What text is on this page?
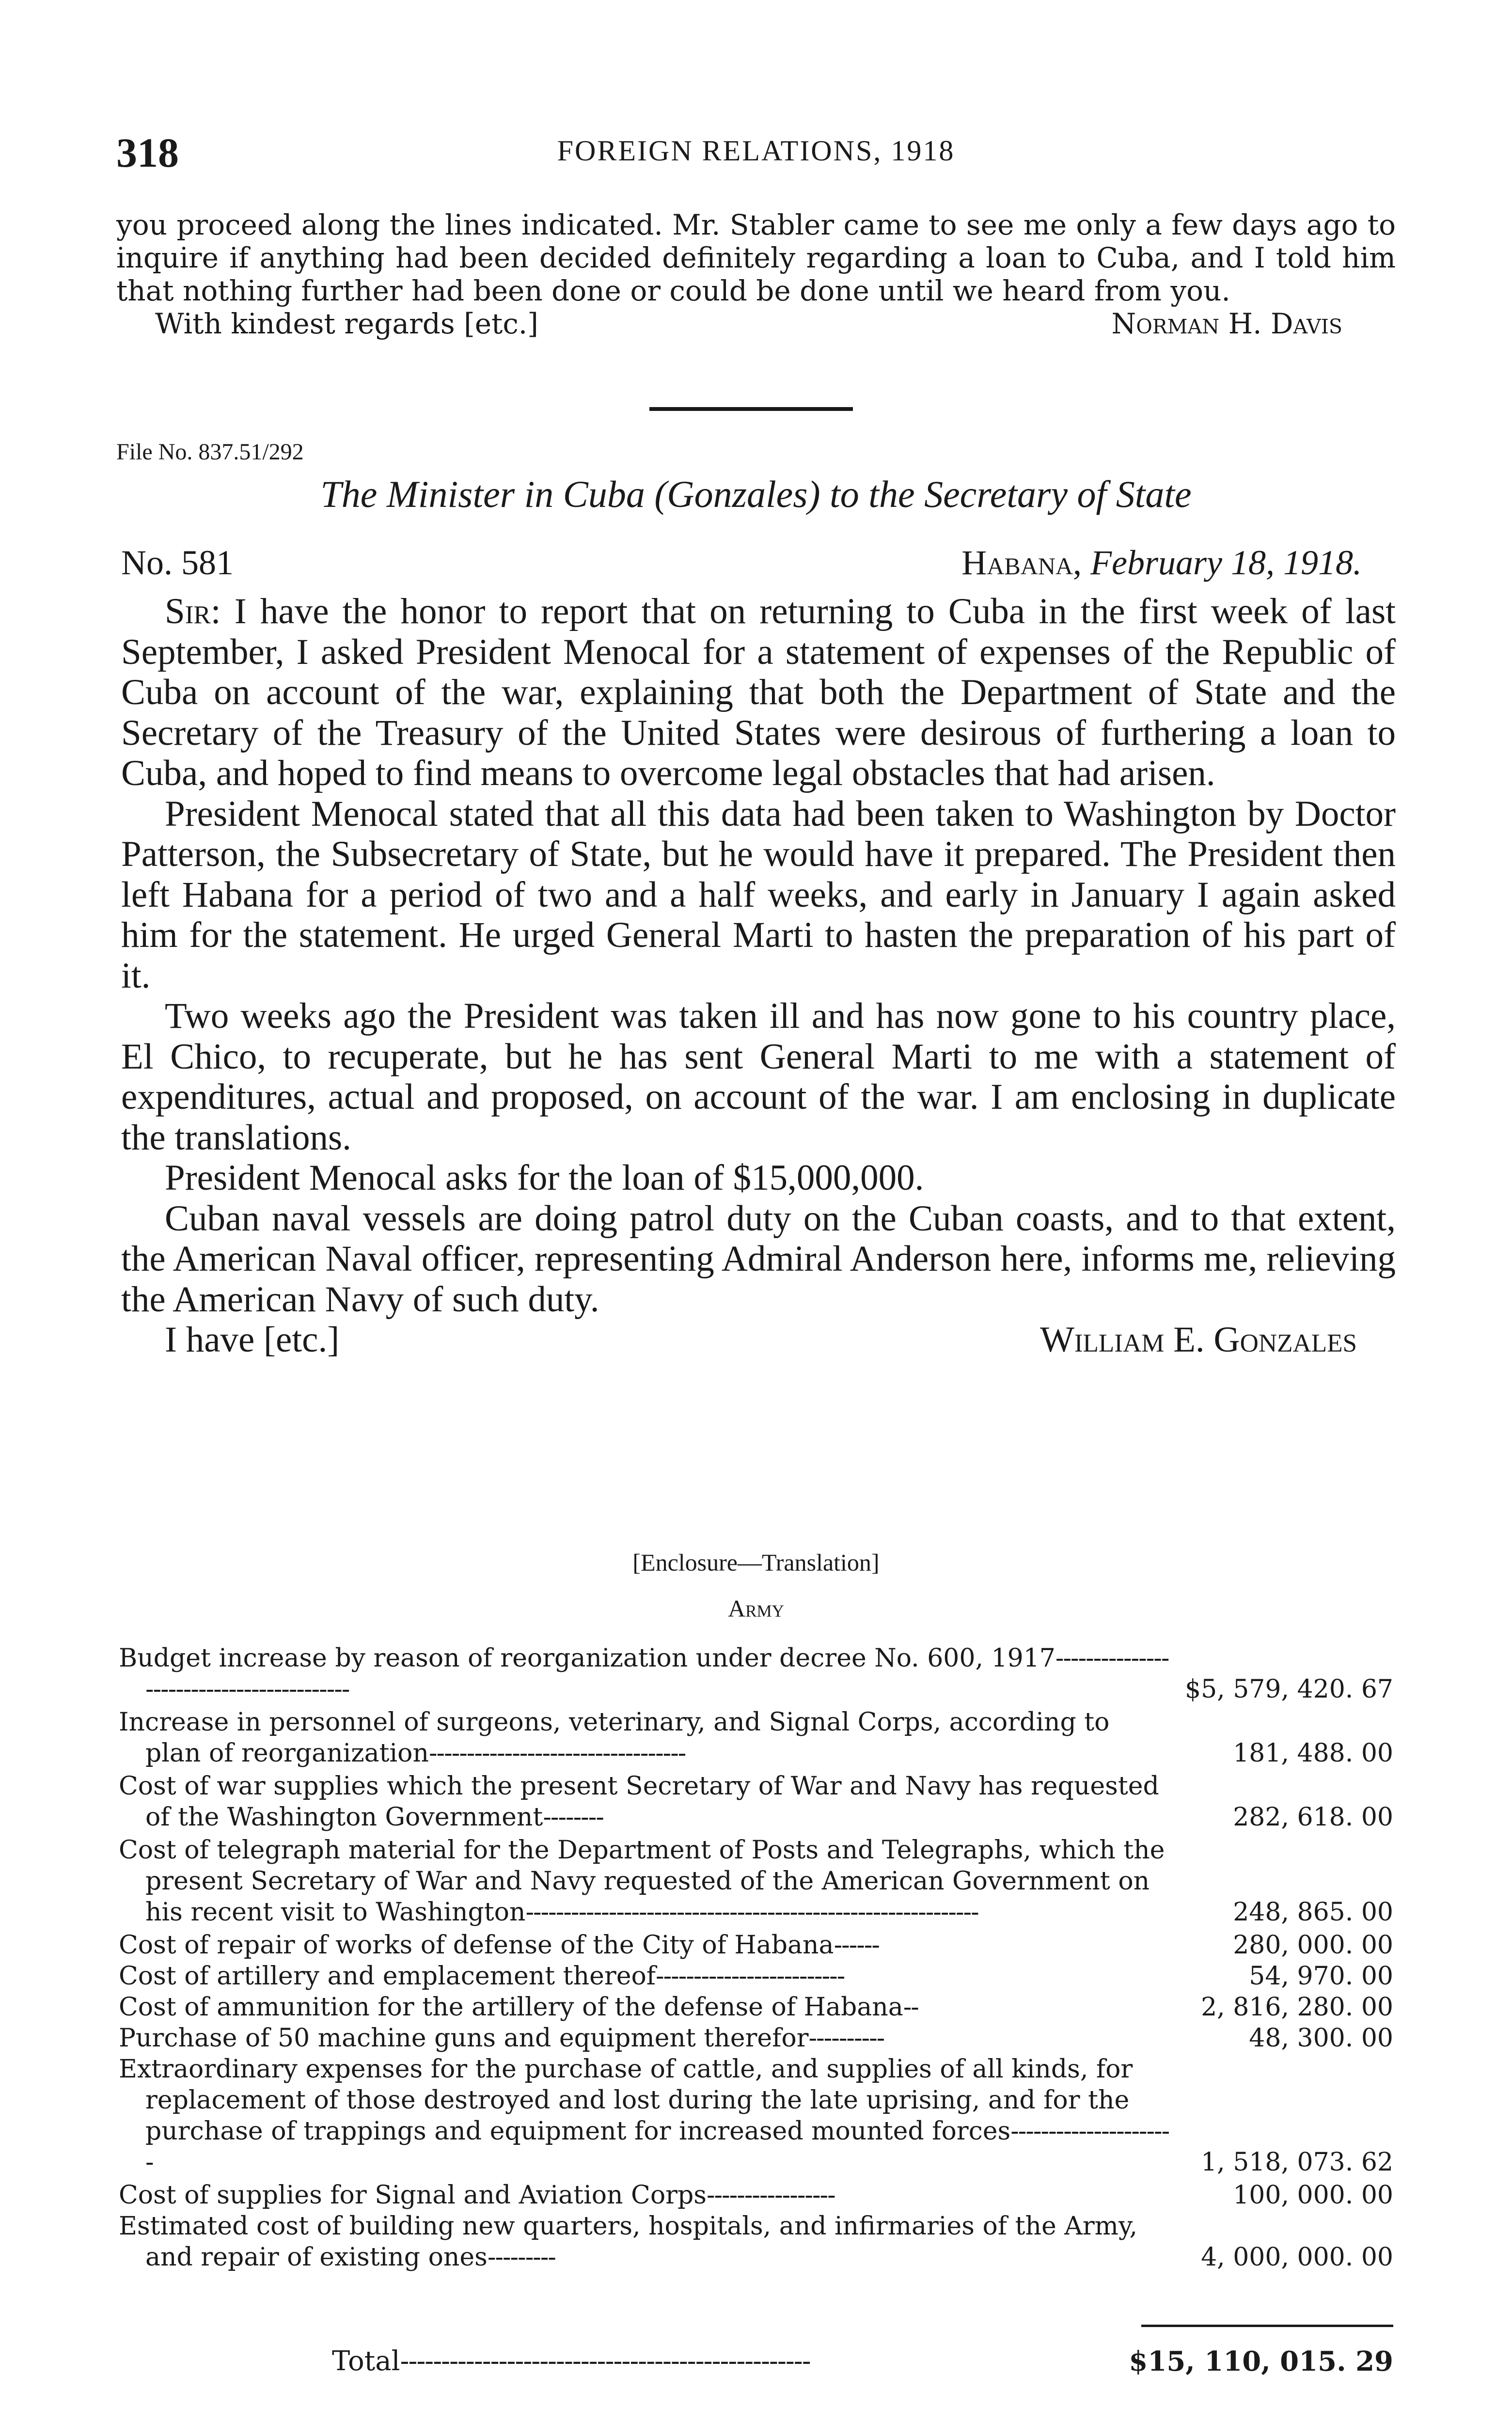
318	FOREIGN RELATIONS, 1918

you proceed along the lines indicated. Mr. Stabler came to see me only a few days ago to inquire if anything had been decided definitely regarding a loan to Cuba, and I told him that nothing further had been done or could be done until we heard from you.

With kindest regards [etc.]	Norman H. Davis
File No. 837.51/292
The Minister in Cuba (Gonzales) to the Secretary of State
No. 581	Habana, February 18, 1918.

Sir: I have the honor to report that on returning to Cuba in the first week of last September, I asked President Menocal for a statement of expenses of the Republic of Cuba on account of the war, explaining that both the Department of State and the Secretary of the Treasury of the United States were desirous of furthering a loan to Cuba, and hoped to find means to overcome legal obstacles that had arisen.

President Menocal stated that all this data had been taken to Washington by Doctor Patterson, the Subsecretary of State, but he would have it prepared. The President then left Habana for a period of two and a half weeks, and early in January I again asked him for the statement. He urged General Marti to hasten the preparation of his part of it.

Two weeks ago the President was taken ill and has now gone to his country place, El Chico, to recuperate, but he has sent General Marti to me with a statement of expenditures, actual and proposed, on account of the war. I am enclosing in duplicate the translations.

President Menocal asks for the loan of $15,000,000.

Cuban naval vessels are doing patrol duty on the Cuban coasts, and to that extent, the American Naval officer, representing Admiral Anderson here, informs me, relieving the American Navy of such duty.

I have [etc.]	William E. Gonzales
[Enclosure—Translation]
Army
Budget increase by reason of reorganization under decree No. 600, 1917------------------------------------------	$5, 579, 420. 67
Increase in personnel of surgeons, veterinary, and Signal Corps, according to plan of reorganization----------------------------------	181, 488. 00
Cost of war supplies which the present Secretary of War and Navy has requested of the Washington Government--------	282, 618. 00
Cost of telegraph material for the Department of Posts and Telegraphs, which the present Secretary of War and Navy requested of the American Government on his recent visit to Washington------------------------------------------------------------	248, 865. 00
Cost of repair of works of defense of the City of Habana------	280, 000. 00
Cost of artillery and emplacement thereof-------------------------	54, 970. 00
Cost of ammunition for the artillery of the defense of Habana--	2, 816, 280. 00
Purchase of 50 machine guns and equipment therefor----------	48, 300. 00
Extraordinary expenses for the purchase of cattle, and supplies of all kinds, for replacement of those destroyed and lost during the late uprising, and for the purchase of trappings and equipment for increased mounted forces----------------------	1, 518, 073. 62
Cost of supplies for Signal and Aviation Corps-----------------	100, 000. 00
Estimated cost of building new quarters, hospitals, and infirmaries of the Army, and repair of existing ones---------	4, 000, 000. 00
Total--------------------------------------------------	$15, 110, 015. 29
